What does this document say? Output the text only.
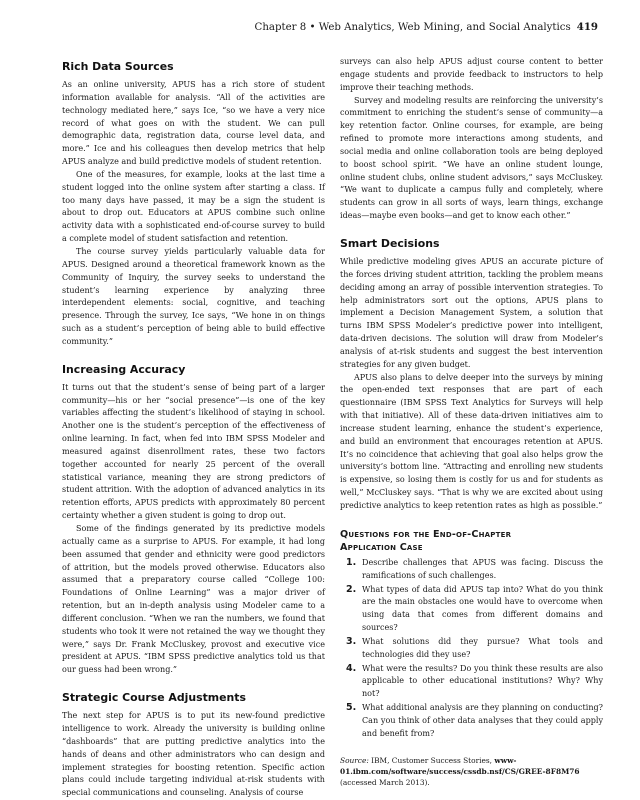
Chapter 8 • Web Analytics, Web Mining, and Social Analytics 419
Rich Data Sources

As an online university, APUS has a rich store of student information available for analysis. “All of the activities are technology mediated here,” says Ice, “so we have a very nice record of what goes on with the student. We can pull demographic data, registration data, course level data, and more.” Ice and his colleagues then develop metrics that help APUS analyze and build predictive models of student retention.

One of the measures, for example, looks at the last time a student logged into the online system after starting a class. If too many days have passed, it may be a sign the student is about to drop out. Educators at APUS combine such online activity data with a sophisticated end-of-course survey to build a complete model of student satisfaction and retention.

The course survey yields particularly valuable data for APUS. Designed around a theoretical framework known as the Community of Inquiry, the survey seeks to understand the student’s learning experience by analyzing three interdependent elements: social, cognitive, and teaching presence. Through the survey, Ice says, “We hone in on things such as a student’s perception of being able to build effective community.”

Increasing Accuracy

It turns out that the student’s sense of being part of a larger community—his or her “social presence”—is one of the key variables affecting the student’s likelihood of staying in school. Another one is the student’s perception of the effectiveness of online learning. In fact, when fed into IBM SPSS Modeler and measured against disenrollment rates, these two factors together accounted for nearly 25 percent of the overall statistical variance, meaning they are strong predictors of student attrition. With the adoption of advanced analytics in its retention efforts, APUS predicts with approximately 80 percent certainty whether a given student is going to drop out.

Some of the findings generated by its predictive models actually came as a surprise to APUS. For example, it had long been assumed that gender and ethnicity were good predictors of attrition, but the models proved otherwise. Educators also assumed that a preparatory course called “College 100: Foundations of Online Learning” was a major driver of retention, but an in-depth analysis using Modeler came to a different conclusion. “When we ran the numbers, we found that students who took it were not retained the way we thought they were,” says Dr. Frank McCluskey, provost and executive vice president at APUS. “IBM SPSS predictive analytics told us that our guess had been wrong.”

Strategic Course Adjustments

The next step for APUS is to put its new-found predictive intelligence to work. Already the university is building online “dashboards” that are putting predictive analytics into the hands of deans and other administrators who can design and implement strategies for boosting retention. Specific action plans could include targeting individual at-risk students with special communications and counseling. Analysis of course

surveys can also help APUS adjust course content to better engage students and provide feedback to instructors to help improve their teaching methods.

Survey and modeling results are reinforcing the university’s commitment to enriching the student’s sense of community—a key retention factor. Online courses, for example, are being refined to promote more interactions among students, and social media and online collaboration tools are being deployed to boost school spirit. “We have an online student lounge, online student clubs, online student advisors,” says McCluskey. “We want to duplicate a campus fully and completely, where students can grow in all sorts of ways, learn things, exchange ideas—maybe even books—and get to know each other.”

Smart Decisions

While predictive modeling gives APUS an accurate picture of the forces driving student attrition, tackling the problem means deciding among an array of possible intervention strategies. To help administrators sort out the options, APUS plans to implement a Decision Management System, a solution that turns IBM SPSS Modeler’s predictive power into intelligent, data-driven decisions. The solution will draw from Modeler’s analysis of at-risk students and suggest the best intervention strategies for any given budget.

APUS also plans to delve deeper into the surveys by mining the open-ended text responses that are part of each questionnaire (IBM SPSS Text Analytics for Surveys will help with that initiative). All of these data-driven initiatives aim to increase student learning, enhance the student’s experience, and build an environment that encourages retention at APUS. It’s no coincidence that achieving that goal also helps grow the university’s bottom line. “Attracting and enrolling new students is expensive, so losing them is costly for us and for students as well,” McCluskey says. “That is why we are excited about using predictive analytics to keep retention rates as high as possible.”

Questions for the End-of-Chapter
Application Case
1. Describe challenges that APUS was facing. Discuss the ramifications of such challenges.
2. What types of data did APUS tap into? What do you think are the main obstacles one would have to overcome when using data that comes from different domains and sources?
3. What solutions did they pursue? What tools and technologies did they use?
4. What were the results? Do you think these results are also applicable to other educational institutions? Why? Why not?
5. What additional analysis are they planning on conducting? Can you think of other data analyses that they could apply and benefit from?
Source: IBM, Customer Success Stories, www-01.ibm.com/software/success/cssdb.nsf/CS/GREE-8F8M76 (accessed March 2013).
